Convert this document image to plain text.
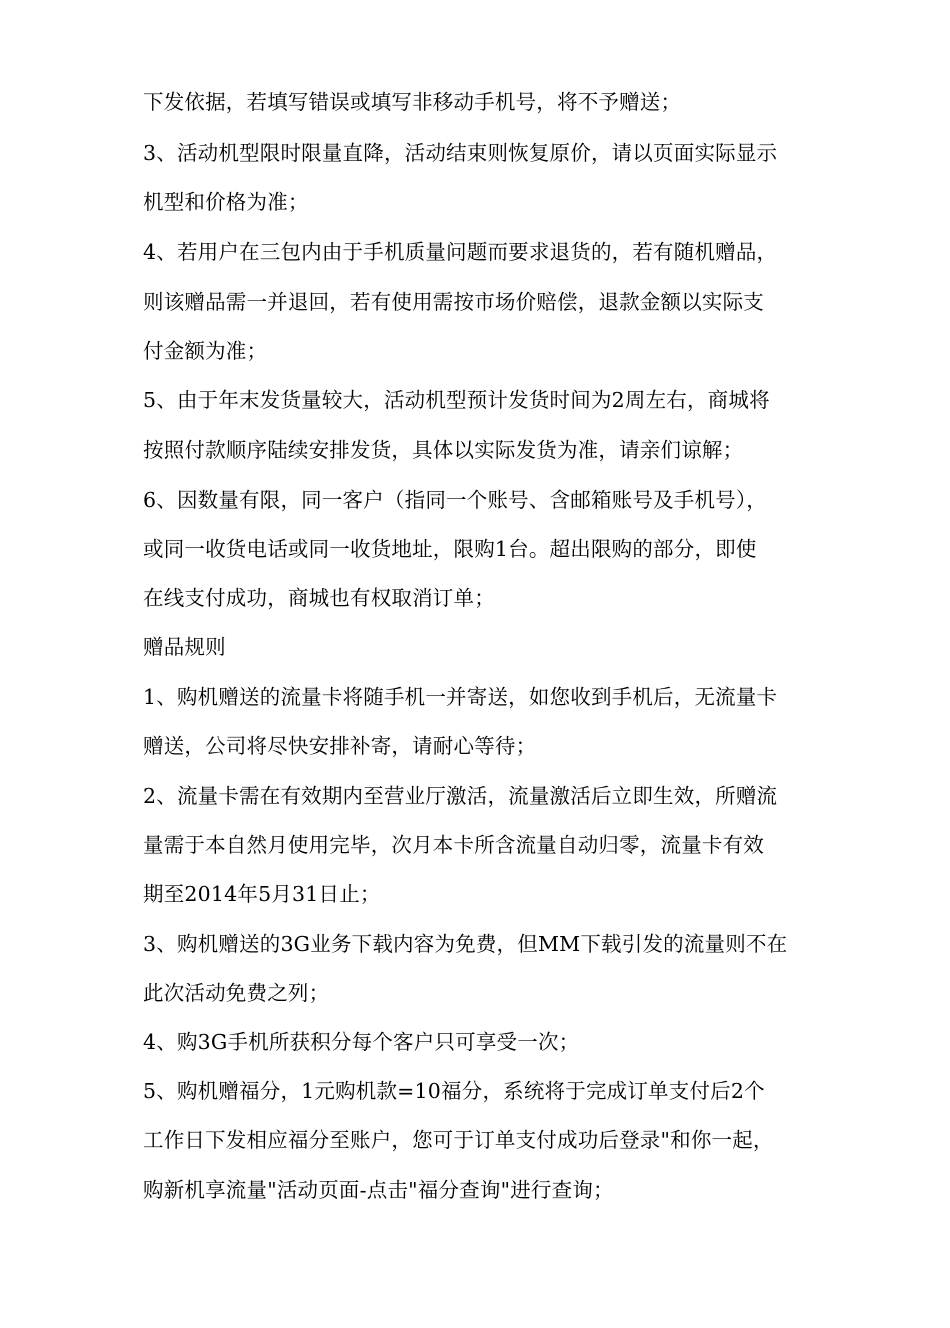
下发依据，若填写错误或填写非移动手机号，将不予赠送；
3、活动机型限时限量直降，活动结束则恢复原价，请以页面实际显示
机型和价格为准；
4、若用户在三包内由于手机质量问题而要求退货的，若有随机赠品，
则该赠品需一并退回，若有使用需按市场价赔偿，退款金额以实际支
付金额为准；
5、由于年末发货量较大，活动机型预计发货时间为2周左右，商城将
按照付款顺序陆续安排发货，具体以实际发货为准，请亲们谅解；
6、因数量有限，同一客户（指同一个账号、含邮箱账号及手机号），
或同一收货电话或同一收货地址，限购1台。超出限购的部分，即使
在线支付成功，商城也有权取消订单；
赠品规则
1、购机赠送的流量卡将随手机一并寄送，如您收到手机后，无流量卡
赠送，公司将尽快安排补寄，请耐心等待；
2、流量卡需在有效期内至营业厅激活，流量激活后立即生效，所赠流
量需于本自然月使用完毕，次月本卡所含流量自动归零，流量卡有效
期至2014年5月31日止；
3、购机赠送的3G业务下载内容为免费，但MM下载引发的流量则不在
此次活动免费之列；
4、购3G手机所获积分每个客户只可享受一次；
5、购机赠福分，1元购机款=10福分，系统将于完成订单支付后2个
工作日下发相应福分至账户，您可于订单支付成功后登录"和你一起，
购新机享流量"活动页面-点击"福分查询"进行查询；
